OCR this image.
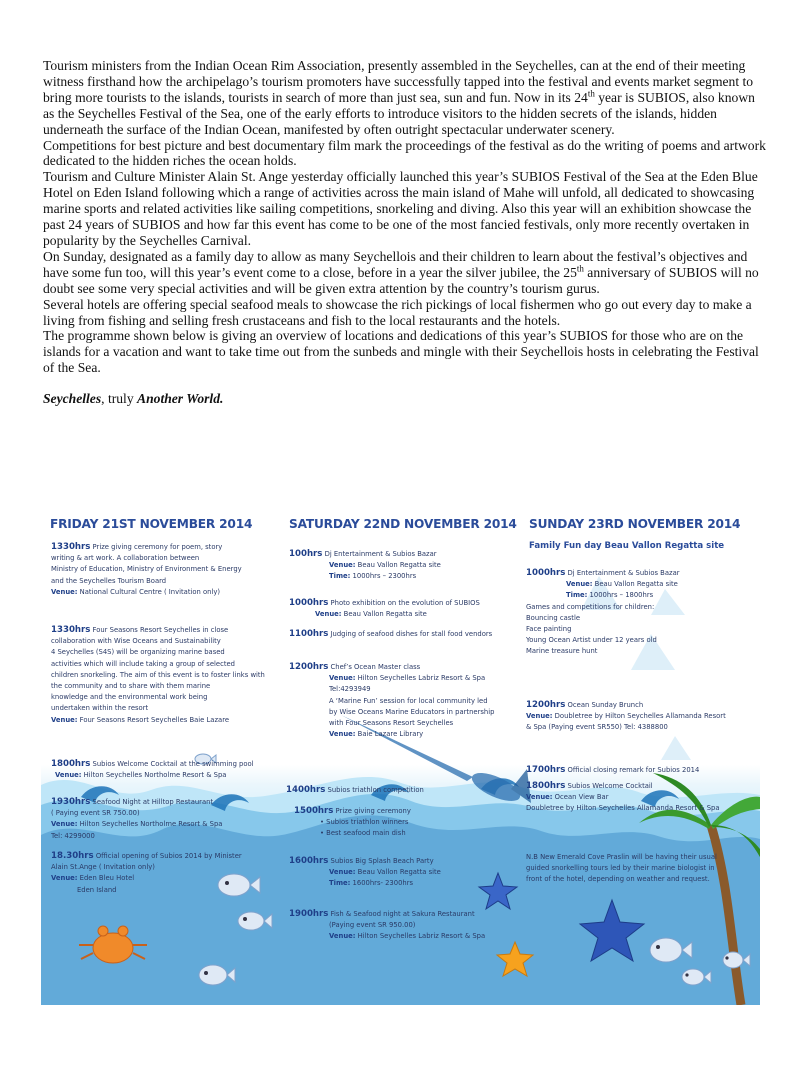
Tourism ministers from the Indian Ocean Rim Association, presently assembled in the Seychelles, can at the end of their meeting witness firsthand how the archipelago’s tourism promoters have successfully tapped into the festival and events market segment to bring more tourists to the islands, tourists in search of more than just sea, sun and fun. Now in its 24th year is SUBIOS, also known as the Seychelles Festival of the Sea, one of the early efforts to introduce visitors to the hidden secrets of the islands, hidden underneath the surface of the Indian Ocean, manifested by often outright spectacular underwater scenery.

Competitions for best picture and best documentary film mark the proceedings of the festival as do the writing of poems and artwork dedicated to the hidden riches the ocean holds.

Tourism and Culture Minister Alain St. Ange yesterday officially launched this year’s SUBIOS Festival of the Sea at the Eden Blue Hotel on Eden Island following which a range of activities across the main island of Mahe will unfold, all dedicated to showcasing marine sports and related activities like sailing competitions, snorkeling and diving. Also this year will an exhibition showcase the past 24 years of SUBIOS and how far this event has come to be one of the most fancied festivals, only more recently overtaken in popularity by the Seychelles Carnival.

On Sunday, designated as a family day to allow as many Seychellois and their children to learn about the festival’s objectives and have some fun too, will this year’s event come to a close, before in a year the silver jubilee, the 25th anniversary of SUBIOS will no doubt see some very special activities and will be given extra attention by the country’s tourism gurus.

Several hotels are offering special seafood meals to showcase the rich pickings of local fishermen who go out every day to make a living from fishing and selling fresh crustaceans and fish to the local restaurants and the hotels.

The programme shown below is giving an overview of locations and dedications of this year’s SUBIOS for those who are on the islands for a vacation and want to take time out from the sunbeds and mingle with their Seychellois hosts in celebrating the Festival of the Sea.

Seychelles, truly Another World.

FRIDAY 21ST NOVEMBER 2014
1330hrs Prize giving ceremony for poem, story
writing & art work. A collaboration between
Ministry of Education, Ministry of Environment & Energy
and the Seychelles Tourism Board
Venue: National Cultural Centre ( Invitation only)
1330hrs Four Seasons Resort Seychelles in close
collaboration with Wise Oceans and Sustainability
4 Seychelles (S4S) will be organizing marine based
activities which will include taking a group of selected
children snorkeling. The aim of this event is to foster links with
the community and to share with them marine
knowledge and the environmental work being
undertaken within the resort
Venue: Four Seasons Resort Seychelles Baie Lazare
1800hrs Subios Welcome Cocktail at the swimming pool
Venue: Hilton Seychelles Northolme Resort & Spa
1930hrs Seafood Night at Hilltop Restaurant
( Paying event SR 750.00)
Venue: Hilton Seychelles Northolme Resort & Spa
Tel: 4299000
18.30hrs Official opening of Subios 2014 by Minister
Alain St.Ange ( Invitation only)
Venue: Eden Bleu Hotel
Eden Island
SATURDAY 22ND NOVEMBER 2014
100hrs Dj Entertainment & Subios Bazar
Venue: Beau Vallon Regatta site
Time: 1000hrs – 2300hrs
1000hrs Photo exhibition on the evolution of SUBIOS
Venue: Beau Vallon Regatta site
1100hrs Judging of seafood dishes for stall food vendors
1200hrs Chef’s Ocean Master class
Venue: Hilton Seychelles Labriz Resort & Spa
Tel:4293949
A ‘Marine Fun’ session for local community led
by Wise Oceans Marine Educators in partnership
with Four Seasons Resort Seychelles
Venue: Baie Lazare Library
1400hrs Subios triathlon competition
1500hrs Prize giving ceremony
• Subios triathlon winners
• Best seafood main dish
1600hrs Subios Big Splash Beach Party
Venue: Beau Vallon Regatta site
Time: 1600hrs- 2300hrs
1900hrs Fish & Seafood night at Sakura Restaurant
(Paying event SR 950.00)
Venue: Hilton Seychelles Labriz Resort & Spa
SUNDAY 23RD NOVEMBER 2014
Family Fun day Beau Vallon Regatta site
1000hrs Dj Entertainment & Subios Bazar
Venue: Beau Vallon Regatta site
Time: 1000hrs – 1800hrs
Games and competitions for children:
Bouncing castle
Face painting
Young Ocean Artist under 12 years old
Marine treasure hunt
1200hrs Ocean Sunday Brunch
Venue: Doubletree by Hilton Seychelles Allamanda Resort
& Spa (Paying event SR550) Tel: 4388800
1700hrs Official closing remark for Subios 2014
1800hrs Subios Welcome Cocktail
Venue: Ocean View Bar
Doubletree by Hilton Seychelles Allamanda Resort & Spa
N.B New Emerald Cove Praslin will be having their usual
guided snorkelling tours led by their marine biologist in
front of the hotel, depending on weather and request.
